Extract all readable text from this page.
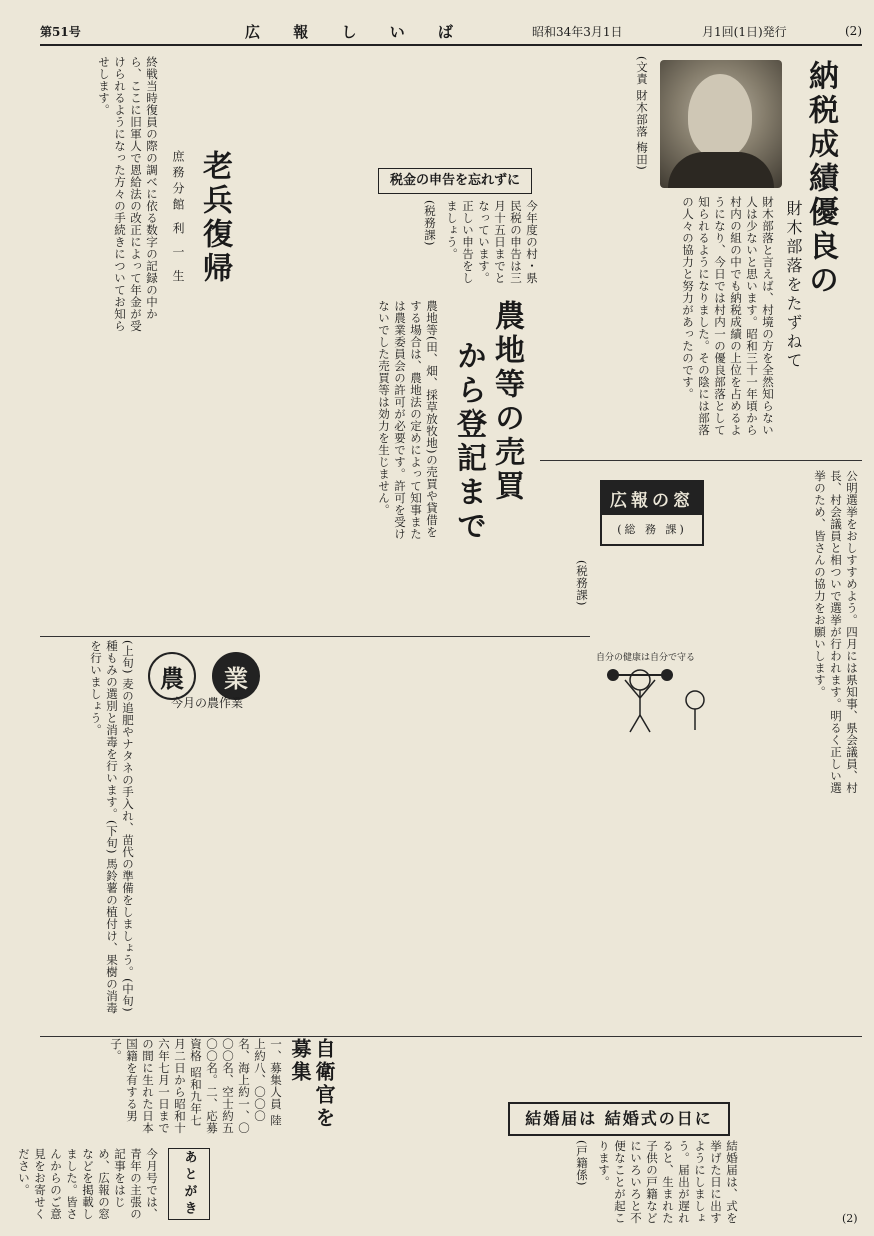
第51号	広 報 し い ば	昭和34年3月1日	月1回(1日)発行	(2)
納税成績優良の
財木部落をたずねて

財木部落と言えば、村境の方を全然知らない人は少ないと思います。昭和三十一年頃から村内の組の中でも納税成績の上位を占めるようになり、今日では村内一の優良部落として知られるようになりました。その陰には部落の人々の協力と努力があったのです。

(文責 財木部落 梅田)

広報の窓
(総 務 課)	公明選挙をおしすすめよう。四月には県知事、県会議員、村長、村会議員と相ついで選挙が行われます。明るく正しい選挙のため、皆さんの協力をお願いします。

農地等の売買
から登記まで

農地等(田、畑、採草放牧地)の売買や貸借をする場合は、農地法の定めによって知事または農業委員会の許可が必要です。許可を受けないでした売買等は効力を生じません。

(税務課)

税金の申告を忘れずに

今年度の村・県民税の申告は三月十五日までとなっています。正しい申告をしましょう。

(税務課)

老兵復帰
庶務分館 利 一 生

終戦当時復員の際の調べに依る数字の記録の中から、ここに旧軍人で恩給法の改正によって年金が受けられるようになった方々の手続きについてお知らせします。

農	業
今月の農作業

(上旬) 麦の追肥やナタネの手入れ、苗代の準備をしましょう。(中旬) 種もみの選別と消毒を行います。(下旬) 馬鈴薯の植付け、果樹の消毒を行いましょう。	自分の健康は自分で守る
自衛官を募集

一、募集人員 陸上約八、〇〇〇名、海上約一、〇〇〇名、空士約五〇〇名。二、応募資格 昭和九年七月二日から昭和十六年七月一日までの間に生れた日本国籍を有する男子。

結婚届は 結婚式の日に

結婚届は、式を挙げた日に出すようにしましょう。届出が遅れると、生まれた子供の戸籍などにいろいろと不便なことが起こります。

(戸籍係)

あとがき

今月号では、青年の主張の記事をはじめ、広報の窓などを掲載しました。皆さんからのご意見をお寄せください。

(2)
